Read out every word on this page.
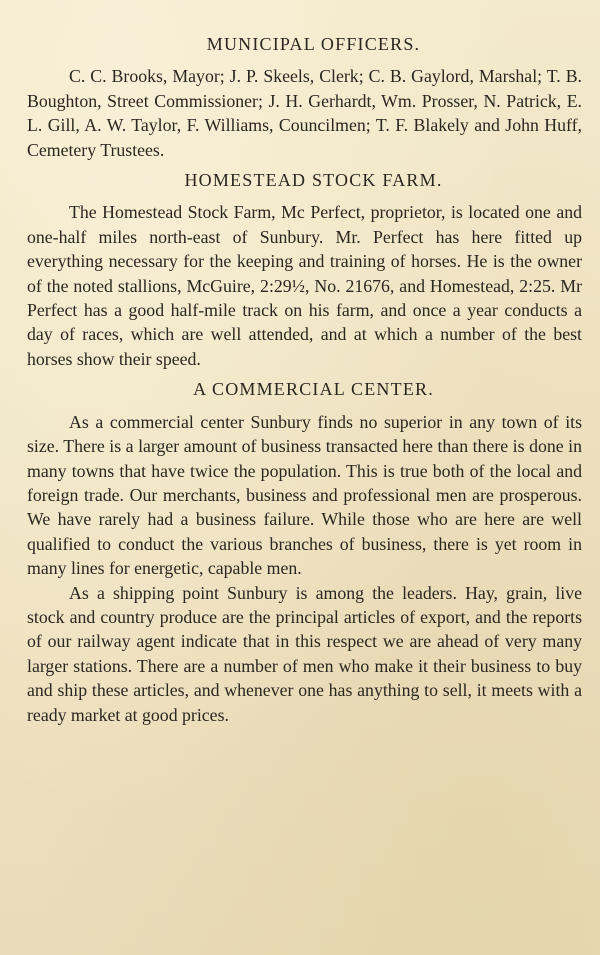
MUNICIPAL OFFICERS.

C. C. Brooks, Mayor; J. P. Skeels, Clerk; C. B. Gaylord, Marshal; T. B. Boughton, Street Commissioner; J. H. Gerhardt, Wm. Prosser, N. Patrick, E. L. Gill, A. W. Taylor, F. Williams, Councilmen; T. F. Blakely and John Huff, Cemetery Trustees.

HOMESTEAD STOCK FARM.

The Homestead Stock Farm, Mc Perfect, proprietor, is located one and one-half miles north-east of Sunbury. Mr. Perfect has here fitted up everything necessary for the keeping and training of horses. He is the owner of the noted stallions, McGuire, 2:29½, No. 21676, and Homestead, 2:25. Mr Perfect has a good half-mile track on his farm, and once a year conducts a day of races, which are well attended, and at which a number of the best horses show their speed.

A COMMERCIAL CENTER.

As a commercial center Sunbury finds no superior in any town of its size. There is a larger amount of business transacted here than there is done in many towns that have twice the population. This is true both of the local and foreign trade. Our merchants, business and professional men are prosperous. We have rarely had a business failure. While those who are here are well qualified to conduct the various branches of business, there is yet room in many lines for energetic, capable men.

As a shipping point Sunbury is among the leaders. Hay, grain, live stock and country produce are the principal articles of export, and the reports of our railway agent indicate that in this respect we are ahead of very many larger stations. There are a number of men who make it their business to buy and ship these articles, and whenever one has anything to sell, it meets with a ready market at good prices.
